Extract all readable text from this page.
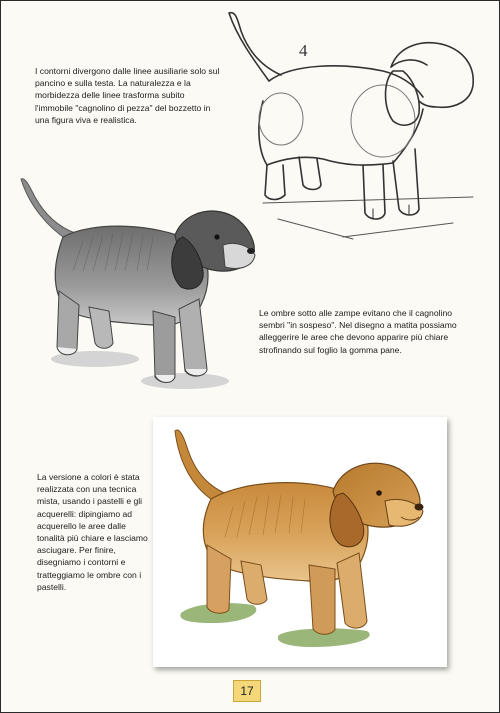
I contorni divergono dalle linee ausiliarie solo sul pancino e sulla testa. La naturalezza e la morbidezza delle linee trasforma subito l'immobile "cagnolino di pezza" del bozzetto in una figura viva e realistica.

4

Le ombre sotto alle zampe evitano che il cagnolino sembri "in sospeso". Nel disegno a matita possiamo alleggerire le aree che devono apparire più chiare strofinando sul foglio la gomma pane.

La versione a colori è stata realizzata con una tecnica mista, usando i pastelli e gli acquerelli: dipingiamo ad acquerello le aree dalle tonalità più chiare e lasciamo asciugare. Per finire, disegniamo i contorni e tratteggiamo le ombre con i pastelli.

17
